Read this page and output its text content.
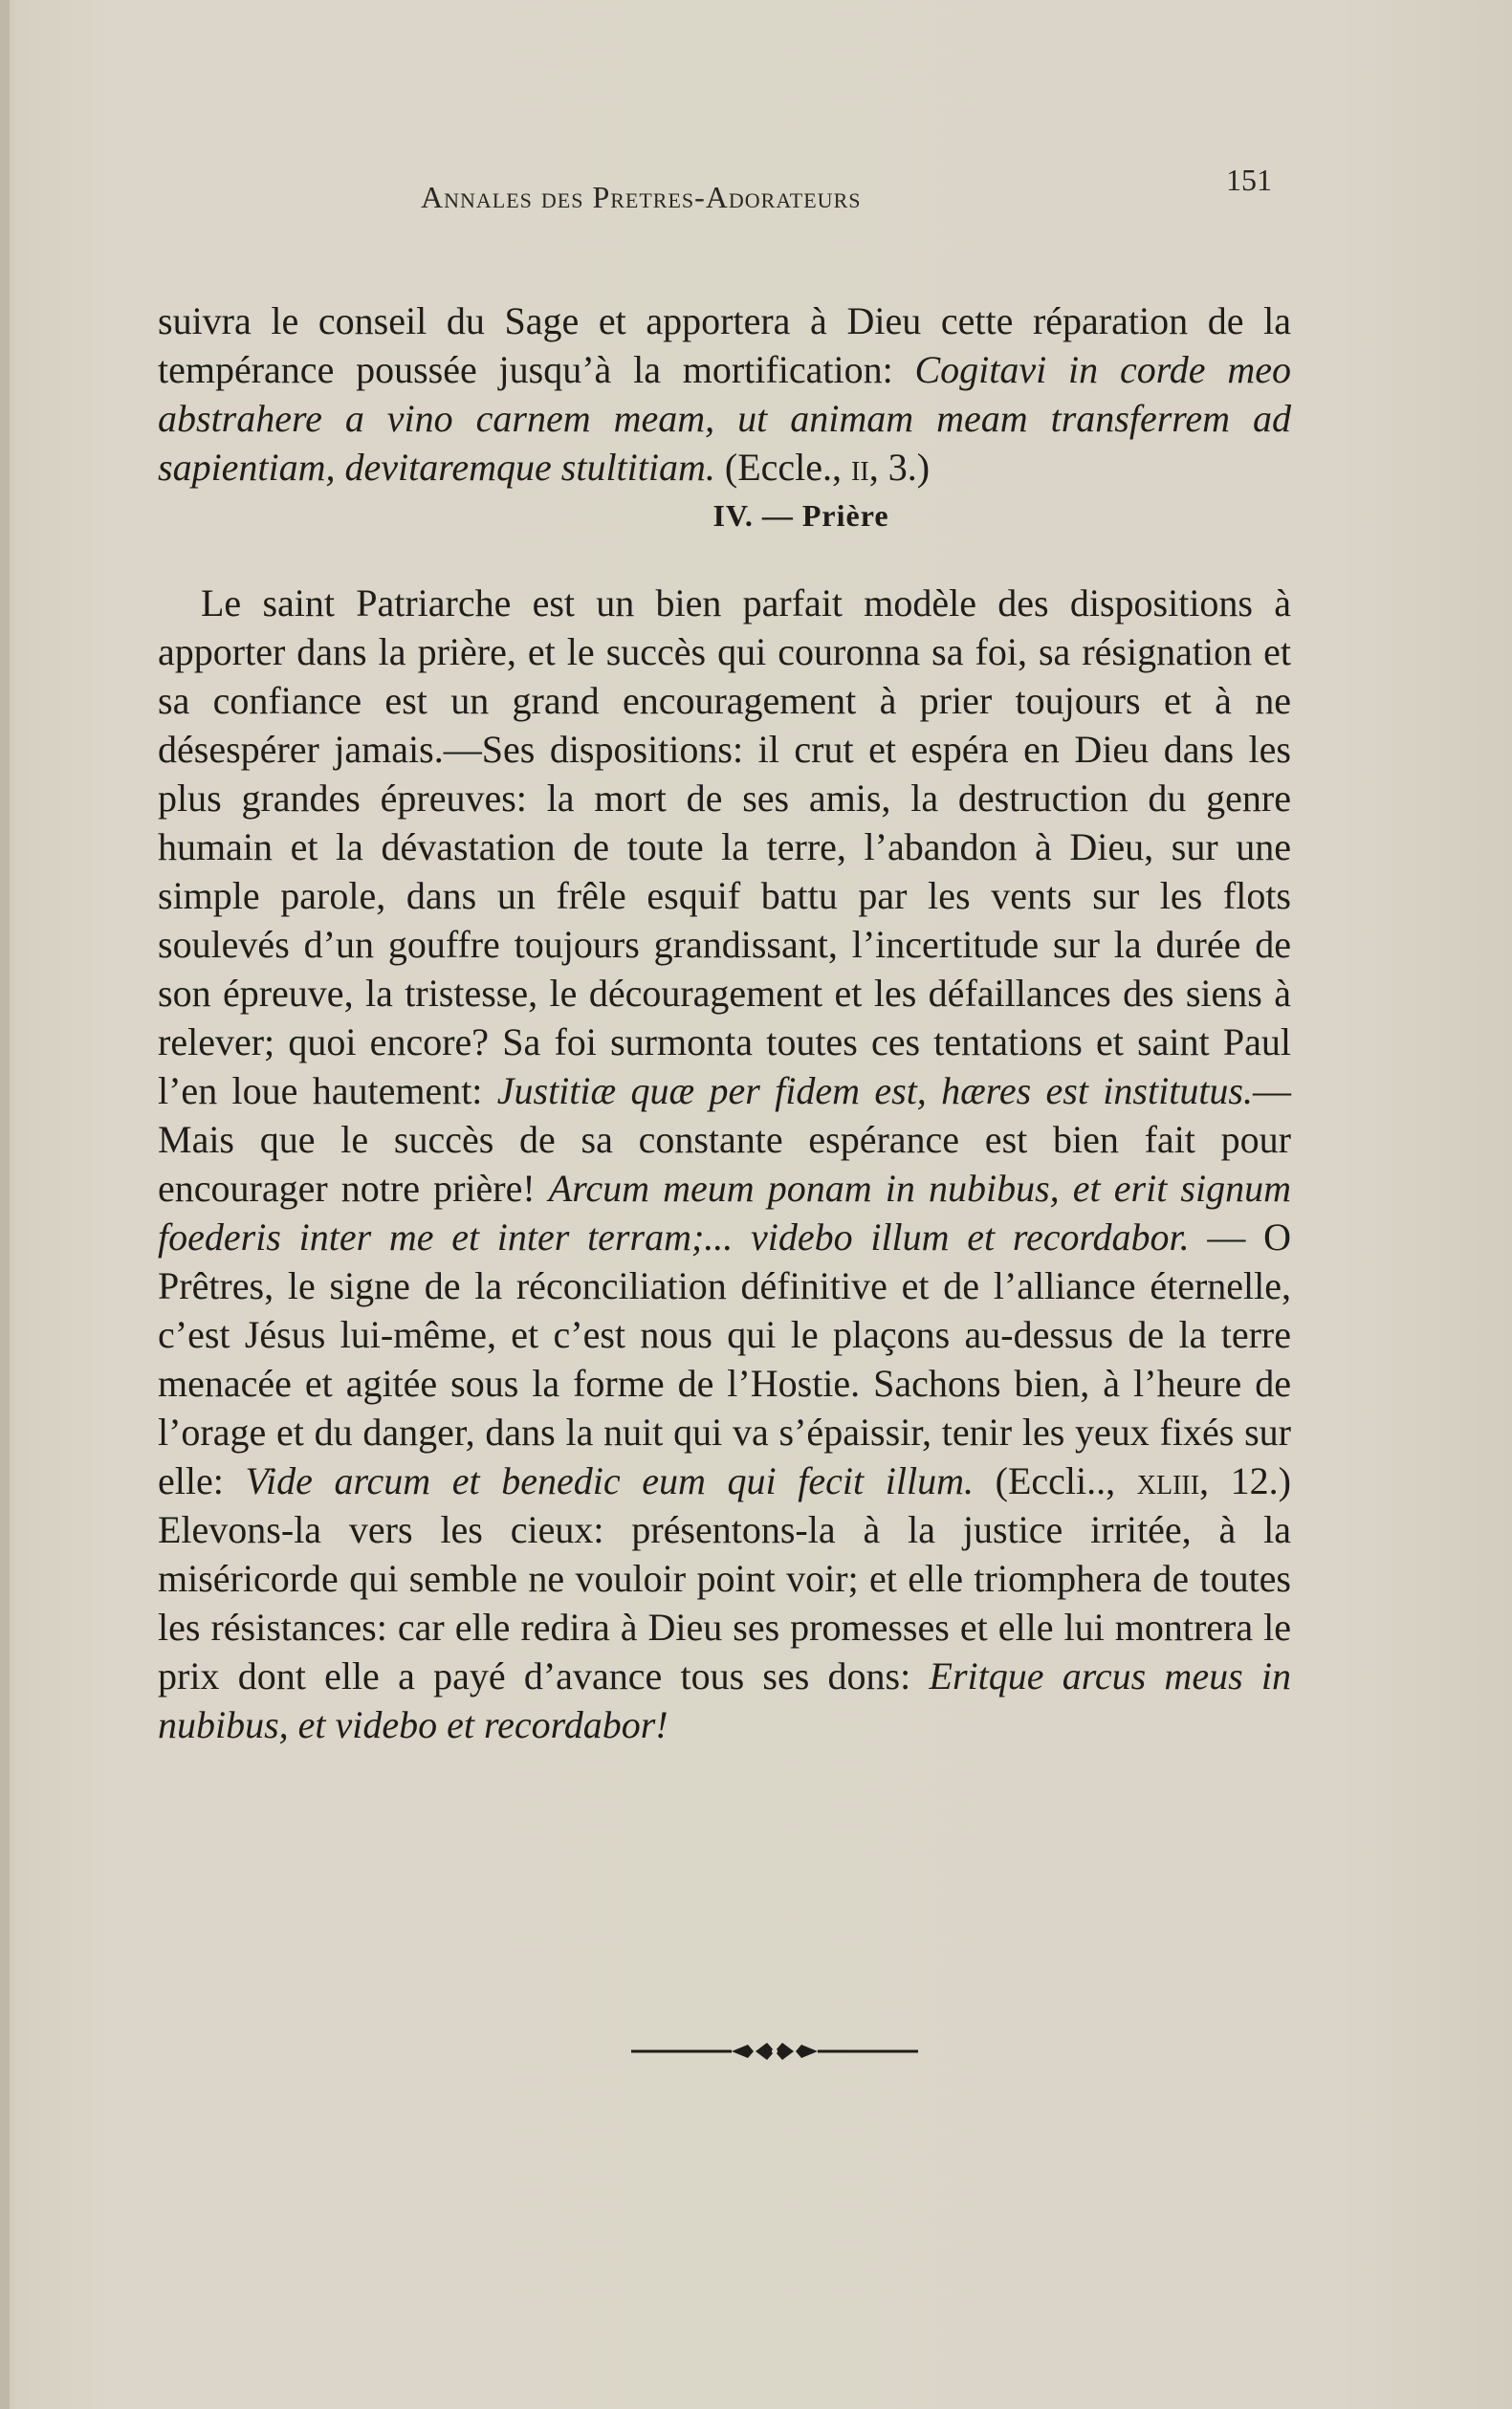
Annales des Pretres-Adorateurs	151

suivra le conseil du Sage et apportera à Dieu cette réparation de la tempérance poussée jusqu’à la mortification: Cogitavi in corde meo abstrahere a vino carnem meam, ut animam meam transferrem ad sapientiam, devitaremque stultitiam. (Eccle., ii, 3.)

IV. — Prière

Le saint Patriarche est un bien parfait modèle des dispositions à apporter dans la prière, et le succès qui couronna sa foi, sa résignation et sa confiance est un grand encouragement à prier toujours et à ne désespérer jamais.—Ses dispositions: il crut et espéra en Dieu dans les plus grandes épreuves: la mort de ses amis, la destruction du genre humain et la dévastation de toute la terre, l’abandon à Dieu, sur une simple parole, dans un frêle esquif battu par les vents sur les flots soulevés d’un gouffre toujours grandissant, l’incertitude sur la durée de son épreuve, la tristesse, le découragement et les défaillances des siens à relever; quoi encore? Sa foi surmonta toutes ces tentations et saint Paul l’en loue hautement: Justitiæ quæ per fidem est, hæres est institutus.—Mais que le succès de sa constante espérance est bien fait pour encourager notre prière! Arcum meum ponam in nubibus, et erit signum foederis inter me et inter terram;... videbo illum et recordabor. — O Prêtres, le signe de la réconciliation définitive et de l’alliance éternelle, c’est Jésus lui-même, et c’est nous qui le plaçons au-dessus de la terre menacée et agitée sous la forme de l’Hostie. Sachons bien, à l’heure de l’orage et du danger, dans la nuit qui va s’épaissir, tenir les yeux fixés sur elle: Vide arcum et benedic eum qui fecit illum. (Eccli.., xliii, 12.) Elevons-la vers les cieux: présentons-la à la justice irritée, à la miséricorde qui semble ne vouloir point voir; et elle triomphera de toutes les résistances: car elle redira à Dieu ses promesses et elle lui montrera le prix dont elle a payé d’avance tous ses dons: Eritque arcus meus in nubibus, et videbo et recordabor!
